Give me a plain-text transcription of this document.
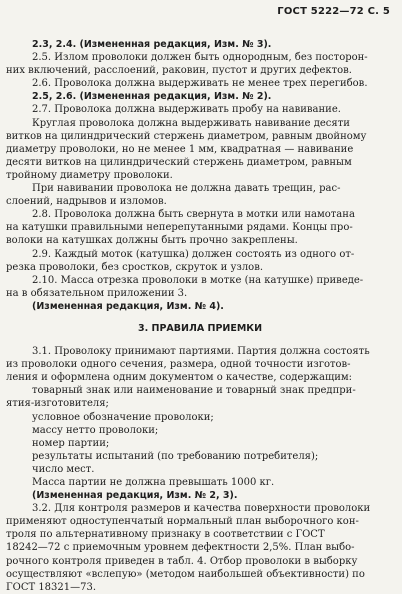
ГОСТ 5222—72 С. 5

2.3, 2.4. (Измененная редакция, Изм. № 3).

2.5. Излом проволоки должен быть однородным, без посторон-

них включений, расслоений, раковин, пустот и других дефектов.

2.6. Проволока должна выдерживать не менее трех перегибов.

2.5, 2.6. (Измененная редакция, Изм. № 2).

2.7. Проволока должна выдерживать пробу на навивание.

Круглая проволока должна выдерживать навивание десяти

витков на цилиндрический стержень диаметром, равным двойному

диаметру проволоки, но не менее 1 мм, квадратная — навивание

десяти витков на цилиндрический стержень диаметром, равным

тройному диаметру проволоки.

При навивании проволока не должна давать трещин, рас-

слоений, надрывов и изломов.

2.8. Проволока должна быть свернута в мотки или намотана

на катушки правильными неперепутанными рядами. Концы про-

волоки на катушках должны быть прочно закреплены.

2.9. Каждый моток (катушка) должен состоять из одного от-

резка проволоки, без сростков, скруток и узлов.

2.10. Масса отрезка проволоки в мотке (на катушке) приведе-

на в обязательном приложении 3.

(Измененная редакция, Изм. № 4).

3. ПРАВИЛА ПРИЕМКИ

3.1. Проволоку принимают партиями. Партия должна состоять

из проволоки одного сечения, размера, одной точности изготов-

ления и оформлена одним документом о качестве, содержащим:

товарный знак или наименование и товарный знак предпри-

ятия-изготовителя;

условное обозначение проволоки;

массу нетто проволоки;

номер партии;

результаты испытаний (по требованию потребителя);

число мест.

Масса партии не должна превышать 1000 кг.

(Измененная редакция, Изм. № 2, 3).

3.2. Для контроля размеров и качества поверхности проволоки

применяют одноступенчатый нормальный план выборочного кон-

троля по альтернативному признаку в соответствии с ГОСТ

18242—72 с приемочным уровнем дефектности 2,5%. План выбо-

рочного контроля приведен в табл. 4. Отбор проволоки в выборку

осуществляют «вслепую» (методом наибольшей объективности) по

ГОСТ 18321—73.
